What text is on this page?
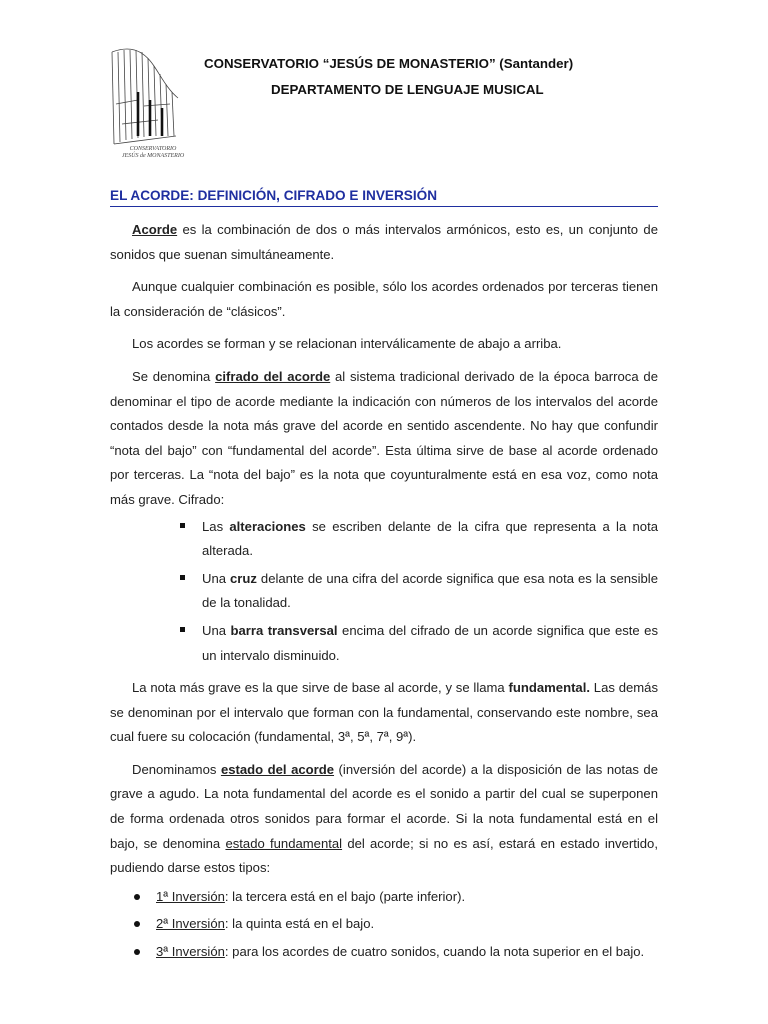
CONSERVATORIO
JESÚS de MONASTERIO
CONSERVATORIO “JESÚS DE MONASTERIO” (Santander)
DEPARTAMENTO DE LENGUAJE MUSICAL
EL ACORDE: DEFINICIÓN, CIFRADO E INVERSIÓN

Acorde es la combinación de dos o más intervalos armónicos, esto es, un conjunto de sonidos que suenan simultáneamente.

Aunque cualquier combinación es posible, sólo los acordes ordenados por terceras tienen la consideración de “clásicos”.

Los acordes se forman y se relacionan interválicamente de abajo a arriba.

Se denomina cifrado del acorde al sistema tradicional derivado de la época barroca de denominar el tipo de acorde mediante la indicación con números de los intervalos del acorde contados desde la nota más grave del acorde en sentido ascendente. No hay que confundir “nota del bajo” con “fundamental del acorde”. Esta última sirve de base al acorde ordenado por terceras. La “nota del bajo” es la nota que coyunturalmente está en esa voz, como nota más grave. Cifrado:

Las alteraciones se escriben delante de la cifra que representa a la nota alterada.
Una cruz delante de una cifra del acorde significa que esa nota es la sensible de la tonalidad.
Una barra transversal encima del cifrado de un acorde significa que este es un intervalo disminuido.

La nota más grave es la que sirve de base al acorde, y se llama fundamental. Las demás se denominan por el intervalo que forman con la fundamental, conservando este nombre, sea cual fuere su colocación (fundamental, 3ª, 5ª, 7ª, 9ª).

Denominamos estado del acorde (inversión del acorde) a la disposición de las notas de grave a agudo. La nota fundamental del acorde es el sonido a partir del cual se superponen de forma ordenada otros sonidos para formar el acorde. Si la nota fundamental está en el bajo, se denomina estado fundamental del acorde; si no es así, estará en estado invertido, pudiendo darse estos tipos:

1ª Inversión: la tercera está en el bajo (parte inferior).
2ª Inversión: la quinta está en el bajo.
3ª Inversión: para los acordes de cuatro sonidos, cuando la nota superior en el bajo.
